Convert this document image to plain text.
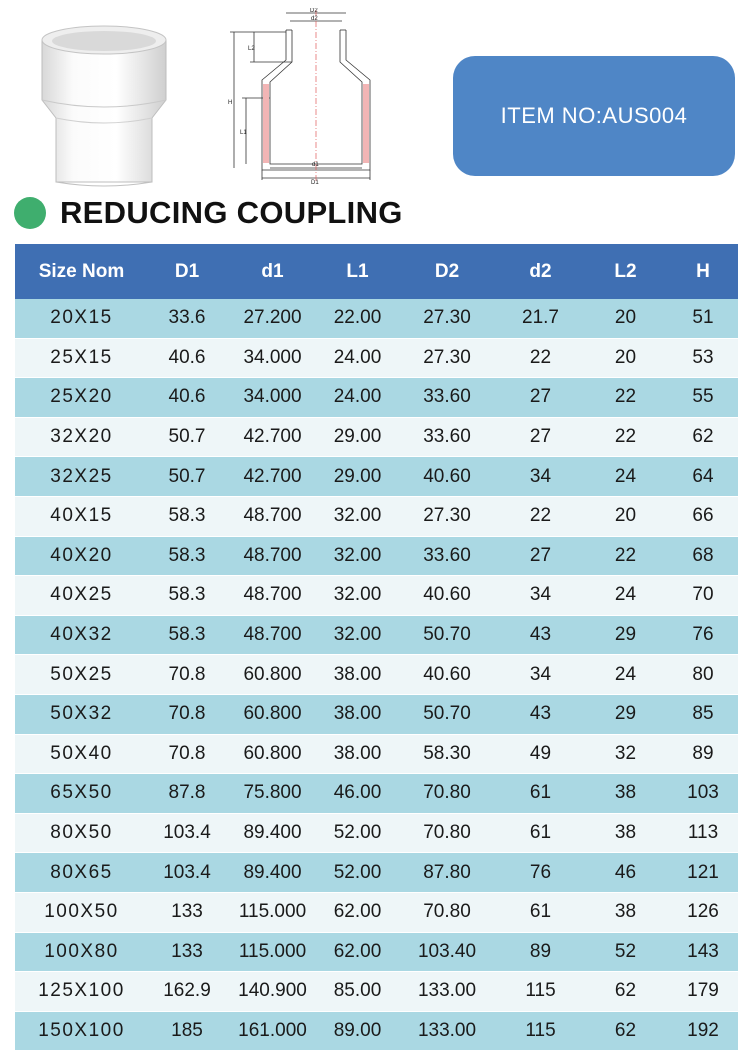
D2
d2
L2
H
L1
d1
D1
ITEM NO:AUS004
REDUCING COUPLING
Size Nom	D1	d1	L1	D2	d2	L2	H
20X15	33.6	27.200	22.00	27.30	21.7	20	51
25X15	40.6	34.000	24.00	27.30	22	20	53
25X20	40.6	34.000	24.00	33.60	27	22	55
32X20	50.7	42.700	29.00	33.60	27	22	62
32X25	50.7	42.700	29.00	40.60	34	24	64
40X15	58.3	48.700	32.00	27.30	22	20	66
40X20	58.3	48.700	32.00	33.60	27	22	68
40X25	58.3	48.700	32.00	40.60	34	24	70
40X32	58.3	48.700	32.00	50.70	43	29	76
50X25	70.8	60.800	38.00	40.60	34	24	80
50X32	70.8	60.800	38.00	50.70	43	29	85
50X40	70.8	60.800	38.00	58.30	49	32	89
65X50	87.8	75.800	46.00	70.80	61	38	103
80X50	103.4	89.400	52.00	70.80	61	38	113
80X65	103.4	89.400	52.00	87.80	76	46	121
100X50	133	115.000	62.00	70.80	61	38	126
100X80	133	115.000	62.00	103.40	89	52	143
125X100	162.9	140.900	85.00	133.00	115	62	179
150X100	185	161.000	89.00	133.00	115	62	192
